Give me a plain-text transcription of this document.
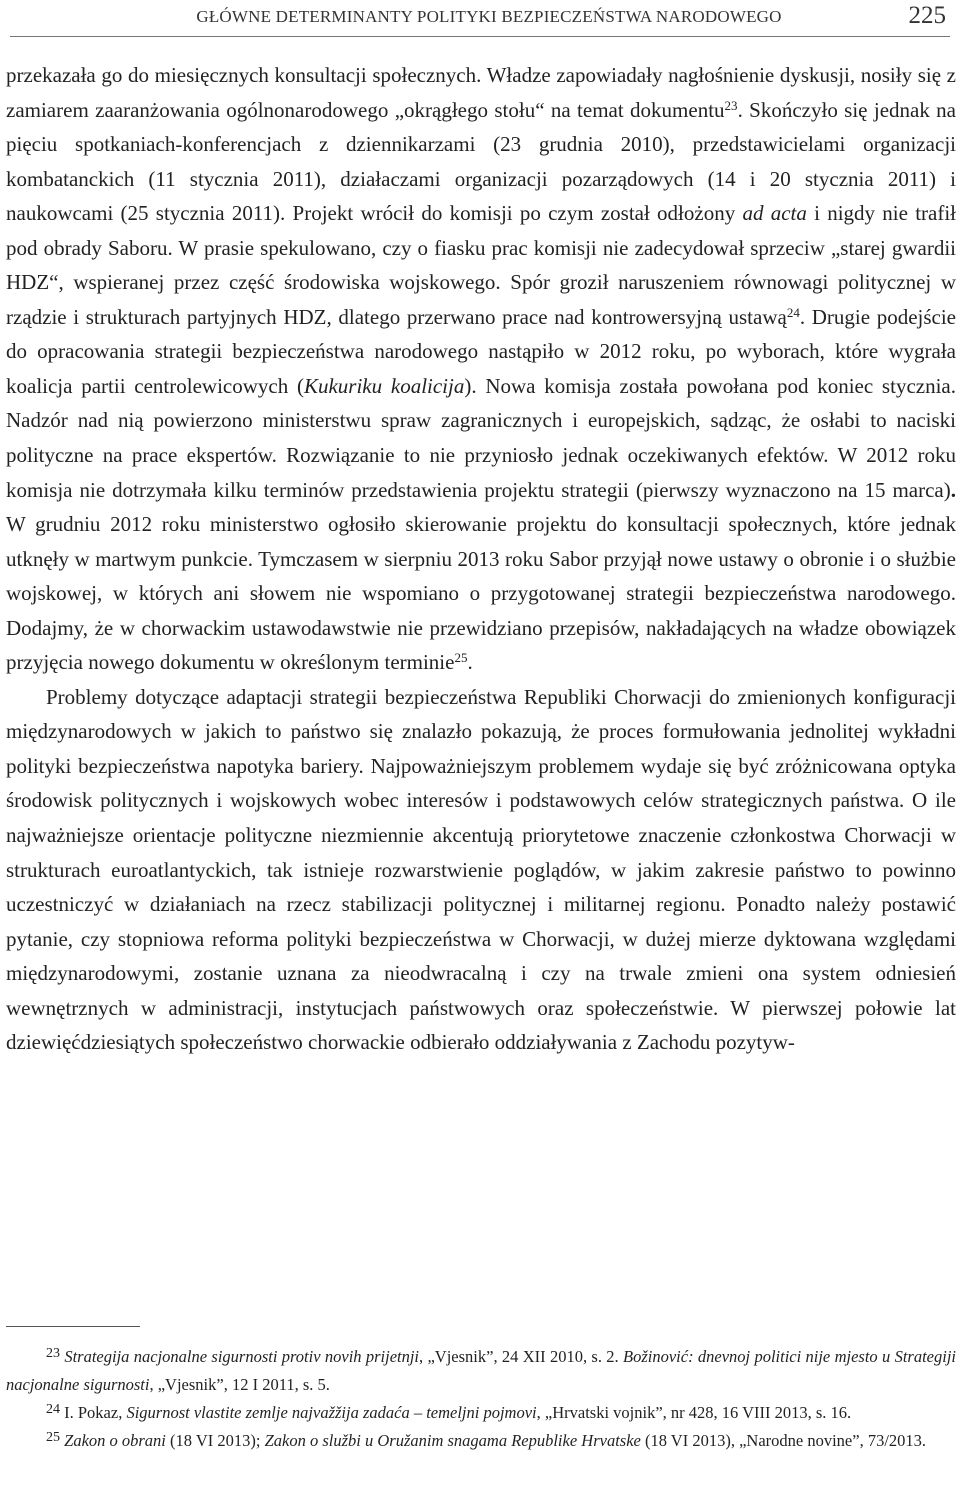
GŁÓWNE DETERMINANTY POLITYKI BEZPIECZEŃSTWA NARODOWEGO	225

przekazała go do miesięcznych konsultacji społecznych. Władze zapowiadały nagłośnienie dyskusji, nosiły się z zamiarem zaaranżowania ogólnonarodowego „okrągłego stołu“ na temat dokumentu$^{23}$. Skończyło się jednak na pięciu spotkaniach-konferencjach z dziennikarzami (23 grudnia 2010), przedstawicielami organizacji kombatanckich (11 stycznia 2011), działaczami organizacji pozarządowych (14 i 20 stycznia 2011) i naukowcami (25 stycznia 2011). Projekt wrócił do komisji po czym został odłożony ad acta i nigdy nie trafił pod obrady Saboru. W prasie spekulowano, czy o fiasku prac komisji nie zadecydował sprzeciw „starej gwardii HDZ“, wspieranej przez część środowiska wojskowego. Spór groził naruszeniem równowagi politycznej w rządzie i strukturach partyjnych HDZ, dlatego przerwano prace nad kontrowersyjną ustawą$^{24}$. Drugie podejście do opracowania strategii bezpieczeństwa narodowego nastąpiło w 2012 roku, po wyborach, które wygrała koalicja partii centrolewicowych (Kukuriku koalicija). Nowa komisja została powołana pod koniec stycznia. Nadzór nad nią powierzono ministerstwu spraw zagranicznych i europejskich, sądząc, że osłabi to naciski polityczne na prace ekspertów. Rozwiązanie to nie przyniosło jednak oczekiwanych efektów. W 2012 roku komisja nie dotrzymała kilku terminów przedstawienia projektu strategii (pierwszy wyznaczono na 15 marca). W grudniu 2012 roku ministerstwo ogłosiło skierowanie projektu do konsultacji społecznych, które jednak utknęły w martwym punkcie. Tymczasem w sierpniu 2013 roku Sabor przyjął nowe ustawy o obronie i o służbie wojskowej, w których ani słowem nie wspomiano o przygotowanej strategii bezpieczeństwa narodowego. Dodajmy, że w chorwackim ustawodawstwie nie przewidziano przepisów, nakładających na władze obowiązek przyjęcia nowego dokumentu w określonym terminie$^{25}$.

Problemy dotyczące adaptacji strategii bezpieczeństwa Republiki Chorwacji do zmienionych konfiguracji międzynarodowych w jakich to państwo się znalazło pokazują, że proces formułowania jednolitej wykładni polityki bezpieczeństwa napotyka bariery. Najpoważniejszym problemem wydaje się być zróżnicowana optyka środowisk politycznych i wojskowych wobec interesów i podstawowych celów strategicznych państwa. O ile najważniejsze orientacje polityczne niezmiennie akcentują priorytetowe znaczenie członkostwa Chorwacji w strukturach euroatlantyckich, tak istnieje rozwarstwienie poglądów, w jakim zakresie państwo to powinno uczestniczyć w działaniach na rzecz stabilizacji politycznej i militarnej regionu. Ponadto należy postawić pytanie, czy stopniowa reforma polityki bezpieczeństwa w Chorwacji, w dużej mierze dyktowana względami międzynarodowymi, zostanie uznana za nieodwracalną i czy na trwale zmieni ona system odniesień wewnętrznych w administracji, instytucjach państwowych oraz społeczeństwie. W pierwszej połowie lat dziewięćdziesiątych społeczeństwo chorwackie odbierało oddziaływania z Zachodu pozytyw-

$^{23}$ Strategija nacjonalne sigurnosti protiv novih prijetnji, „Vjesnik”, 24 XII 2010, s. 2. Božinović: dnevnoj politici nije mjesto u Strategiji nacjonalne sigurnosti, „Vjesnik”, 12 I 2011, s. 5.

$^{24}$ I. Pokaz, Sigurnost vlastite zemlje najvažžija zadaća – temeljni pojmovi, „Hrvatski vojnik”, nr 428, 16 VIII 2013, s. 16.

$^{25}$ Zakon o obrani (18 VI 2013); Zakon o službi u Oružanim snagama Republike Hrvatske (18 VI 2013), „Narodne novine”, 73/2013.
